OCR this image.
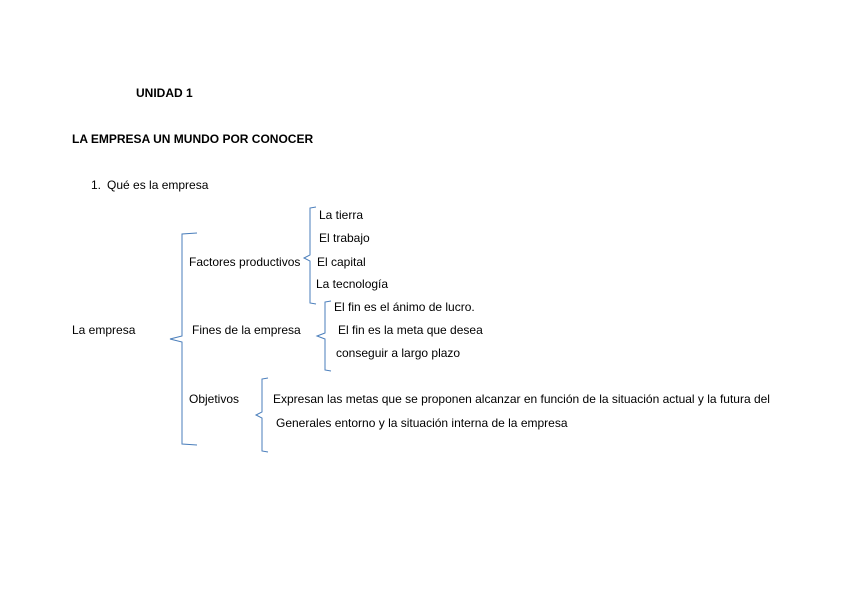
UNIDAD 1
LA EMPRESA UN MUNDO POR CONOCER
1. Qué es la empresa
La empresa
Factores productivos
La tierra
El trabajo
El capital
La tecnología
Fines de la empresa
El fin es el ánimo de lucro.
El fin es la meta que desea
conseguir a largo plazo
Objetivos	Expresan las metas que se proponen alcanzar en función de la situación actual y la futura del
Generales entorno y la situación interna de la empresa
